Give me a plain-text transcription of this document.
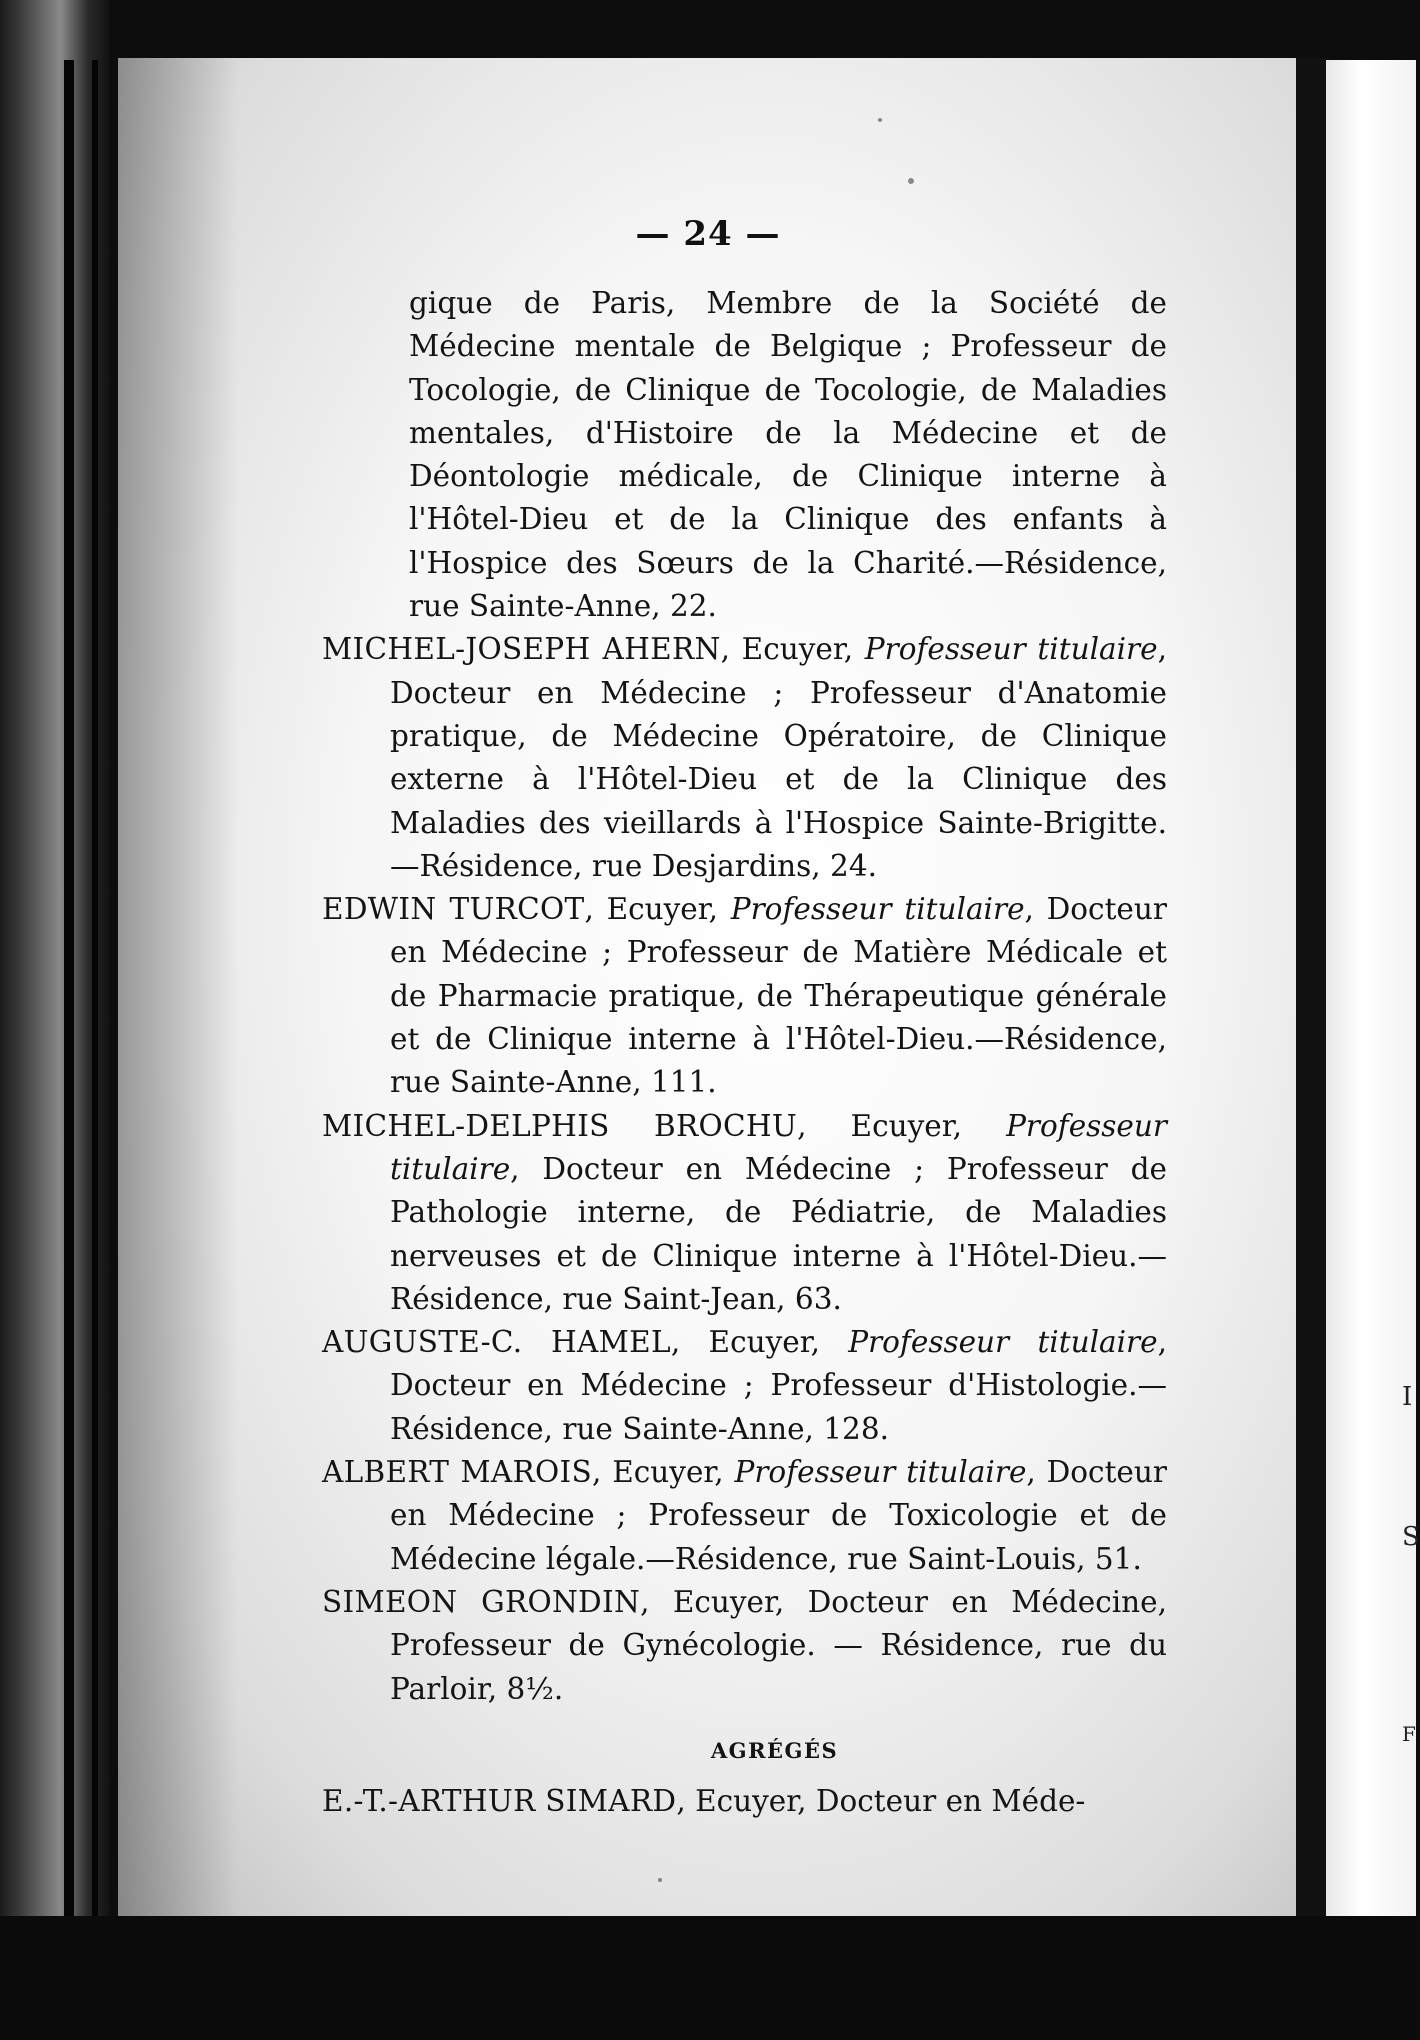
— 24 —

gique de Paris, Membre de la Société de Médecine mentale de Belgique ; Professeur de Tocologie, de Clinique de Tocologie, de Maladies mentales, d'Histoire de la Médecine et de Déontologie médicale, de Clinique interne à l'Hôtel-Dieu et de la Clinique des enfants à l'Hospice des Sœurs de la Charité.—Résidence, rue Sainte-Anne, 22.

MICHEL-JOSEPH AHERN, Ecuyer, Professeur titulaire, Docteur en Médecine ; Professeur d'Anatomie pratique, de Médecine Opératoire, de Clinique externe à l'Hôtel-Dieu et de la Clinique des Maladies des vieillards à l'Hospice Sainte-Brigitte.—Résidence, rue Desjardins, 24.

EDWIN TURCOT, Ecuyer, Professeur titulaire, Docteur en Médecine ; Professeur de Matière Médicale et de Pharmacie pratique, de Thérapeutique générale et de Clinique interne à l'Hôtel-Dieu.—Résidence, rue Sainte-Anne, 111.

MICHEL-DELPHIS BROCHU, Ecuyer, Professeur titulaire, Docteur en Médecine ; Professeur de Pathologie interne, de Pédiatrie, de Maladies nerveuses et de Clinique interne à l'Hôtel-Dieu.—Résidence, rue Saint-Jean, 63.

AUGUSTE-C. HAMEL, Ecuyer, Professeur titulaire, Docteur en Médecine ; Professeur d'Histologie.—Résidence, rue Sainte-Anne, 128.

ALBERT MAROIS, Ecuyer, Professeur titulaire, Docteur en Médecine ; Professeur de Toxicologie et de Médecine légale.—Résidence, rue Saint-Louis, 51.

SIMEON GRONDIN, Ecuyer, Docteur en Médecine, Professeur de Gynécologie. — Résidence, rue du Parloir, 8½.

AGRÉGÉS

E.-T.-ARTHUR SIMARD, Ecuyer, Docteur en Méde-

I
S
F
